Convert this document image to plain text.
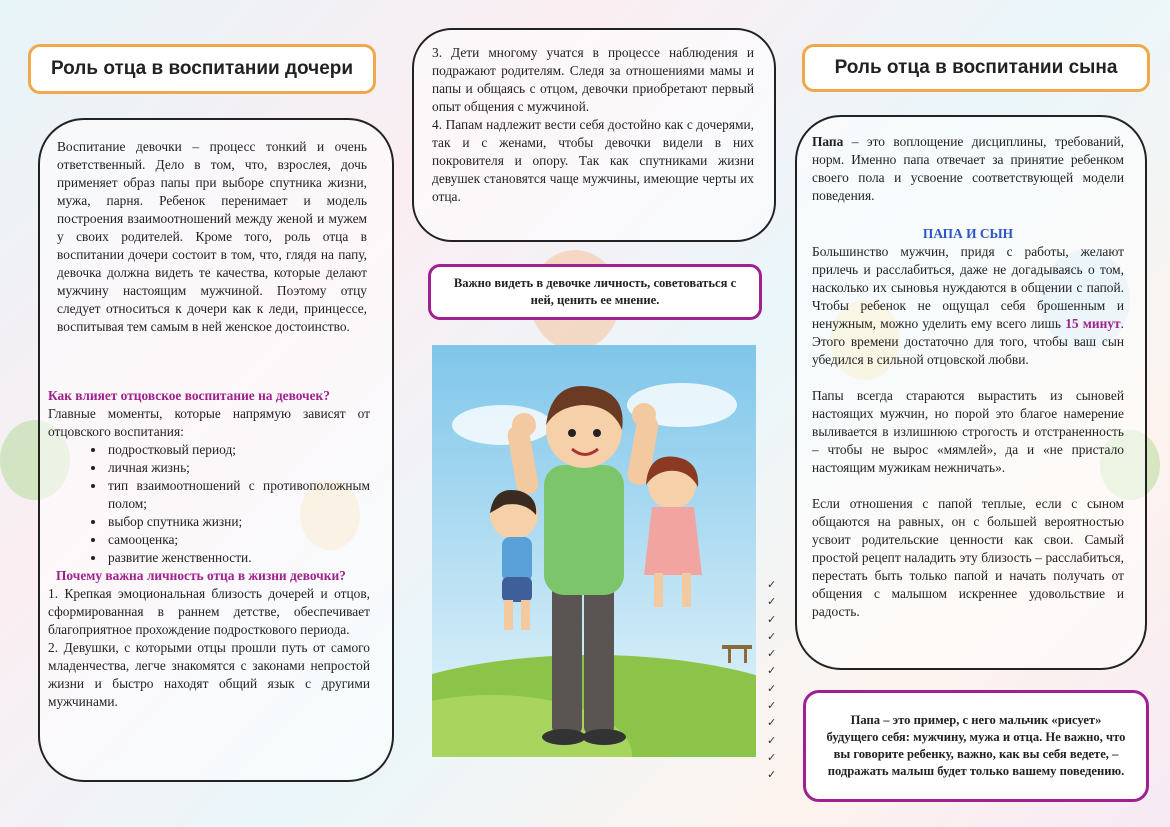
Роль отца в воспитании дочери

Воспитание девочки – процесс тонкий и очень ответственный. Дело в том, что, взрослея, дочь применяет образ папы при выборе спутника жизни, мужа, парня. Ребенок перенимает и модель построения взаимоотношений между женой и мужем у своих родителей. Кроме того, роль отца в воспитании дочери состоит в том, что, глядя на папу, девочка должна видеть те качества, которые делают мужчину настоящим мужчиной. Поэтому отцу следует относиться к дочери как к леди, принцессе, воспитывая тем самым в ней женское достоинство.

Как влияет отцовское воспитание на девочек?

Главные моменты, которые напрямую зависят от отцовского воспитания:

• подростковый период;
• личная жизнь;
• тип взаимоотношений с противоположным полом;
• выбор спутника жизни;
• самооценка;
• развитие женственности.

Почему важна личность отца в жизни девочки?

1. Крепкая эмоциональная близость дочерей и отцов, сформированная в раннем детстве, обеспечивает благоприятное прохождение подросткового периода.

2. Девушки, с которыми отцы прошли путь от самого младенчества, легче знакомятся с законами непростой жизни и быстро находят общий язык с другими мужчинами.

3. Дети многому учатся в процессе наблюдения и подражают родителям. Следя за отношениями мамы и папы и общаясь с отцом, девочки приобретают первый опыт общения с мужчиной.

4. Папам надлежит вести себя достойно как с дочерями, так и с женами, чтобы девочки видели в них покровителя и опору. Так как спутниками жизни девушек становятся чаще мужчины, имеющие черты их отца.

Важно видеть в девочке личность, советоваться с ней, ценить ее мнение.
✓
✓
✓
✓
✓
✓
✓
✓
✓
✓
✓
✓
Роль отца в воспитании сына

Папа – это воплощение дисциплины, требований, норм. Именно папа отвечает за принятие ребенком своего пола и усвоение соответствующей модели поведения.

ПАПА И СЫН

Большинство мужчин, придя с работы, желают прилечь и расслабиться, даже не догадываясь о том, насколько их сыновья нуждаются в общении с папой. Чтобы ребенок не ощущал себя брошенным и ненужным, можно уделить ему всего лишь 15 минут. Этого времени достаточно для того, чтобы ваш сын убедился в сильной отцовской любви.

Папы всегда стараются вырастить из сыновей настоящих мужчин, но порой это благое намерение выливается в излишнюю строгость и отстраненность – чтобы не вырос «мямлей», да и «не пристало настоящим мужикам нежничать».

Если отношения с папой теплые, если с сыном общаются на равных, он с большей вероятностью усвоит родительские ценности как свои. Самый простой рецепт наладить эту близость – расслабиться, перестать быть только папой и начать получать от общения с малышом искреннее удовольствие и радость.

Папа – это пример, с него мальчик «рисует» будущего себя: мужчину, мужа и отца. Не важно, что вы говорите ребенку, важно, как вы себя ведете, – подражать малыш будет только вашему поведению.
